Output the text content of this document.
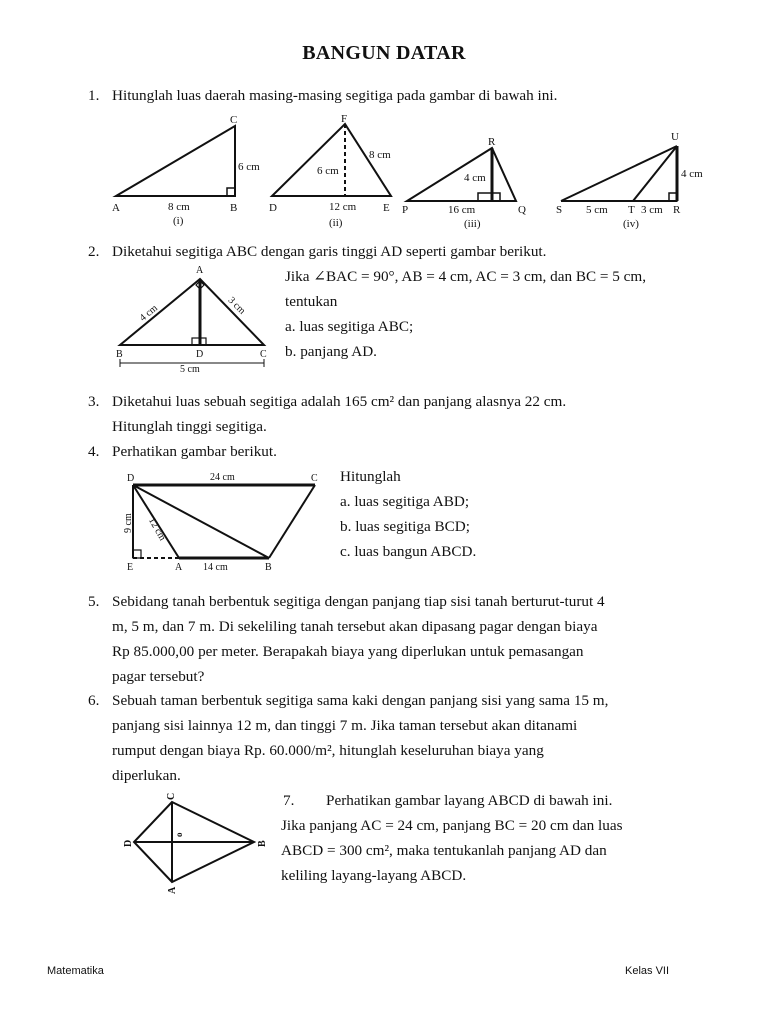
BANGUN DATAR
1. Hitunglah luas daerah masing-masing segitiga pada gambar di bawah ini.
C
6 cm
A	8 cm	B
(i)
F
8 cm
6 cm
D	12 cm E
(ii)
R
4 cm
P	16 cm	Q
(iii)
U
4 cm
S 5 cm T 3 cm R
(iv)
2. Diketahui segitiga ABC dengan garis tinggi AD seperti gambar berikut.
Jika ∠BAC = 90°, AB = 4 cm, AC = 3 cm, dan BC = 5 cm,
tentukan
a. luas segitiga ABC;
b. panjang AD.
A
4 cm	3 cm
B	D	C
5 cm
3. Diketahui luas sebuah segitiga adalah 165 cm² dan panjang alasnya 22 cm.
Hitunglah tinggi segitiga.
4. Perhatikan gambar berikut.
Hitunglah
a. luas segitiga ABD;
b. luas segitiga BCD;
c. luas bangun ABCD.
D	24 cm	C
9 cm 12 cm
E	A 14 cm	B
5. Sebidang tanah berbentuk segitiga dengan panjang tiap sisi tanah berturut-turut 4
m, 5 m, dan 7 m. Di sekeliling tanah tersebut akan dipasang pagar dengan biaya
Rp 85.000,00 per meter. Berapakah biaya yang diperlukan untuk pemasangan
pagar tersebut?
6. Sebuah taman berbentuk segitiga sama kaki dengan panjang sisi yang sama 15 m,
panjang sisi lainnya 12 m, dan tinggi 7 m. Jika taman tersebut akan ditanami
rumput dengan biaya Rp. 60.000/m², hitunglah keseluruhan biaya yang
diperlukan.
7. Perhatikan gambar layang ABCD di bawah ini.
Jika panjang AC = 24 cm, panjang BC = 20 cm dan luas
ABCD = 300 cm², maka tentukanlah panjang AD dan
keliling layang-layang ABCD.
C
D
o
B
A
Matematika	Kelas VII
